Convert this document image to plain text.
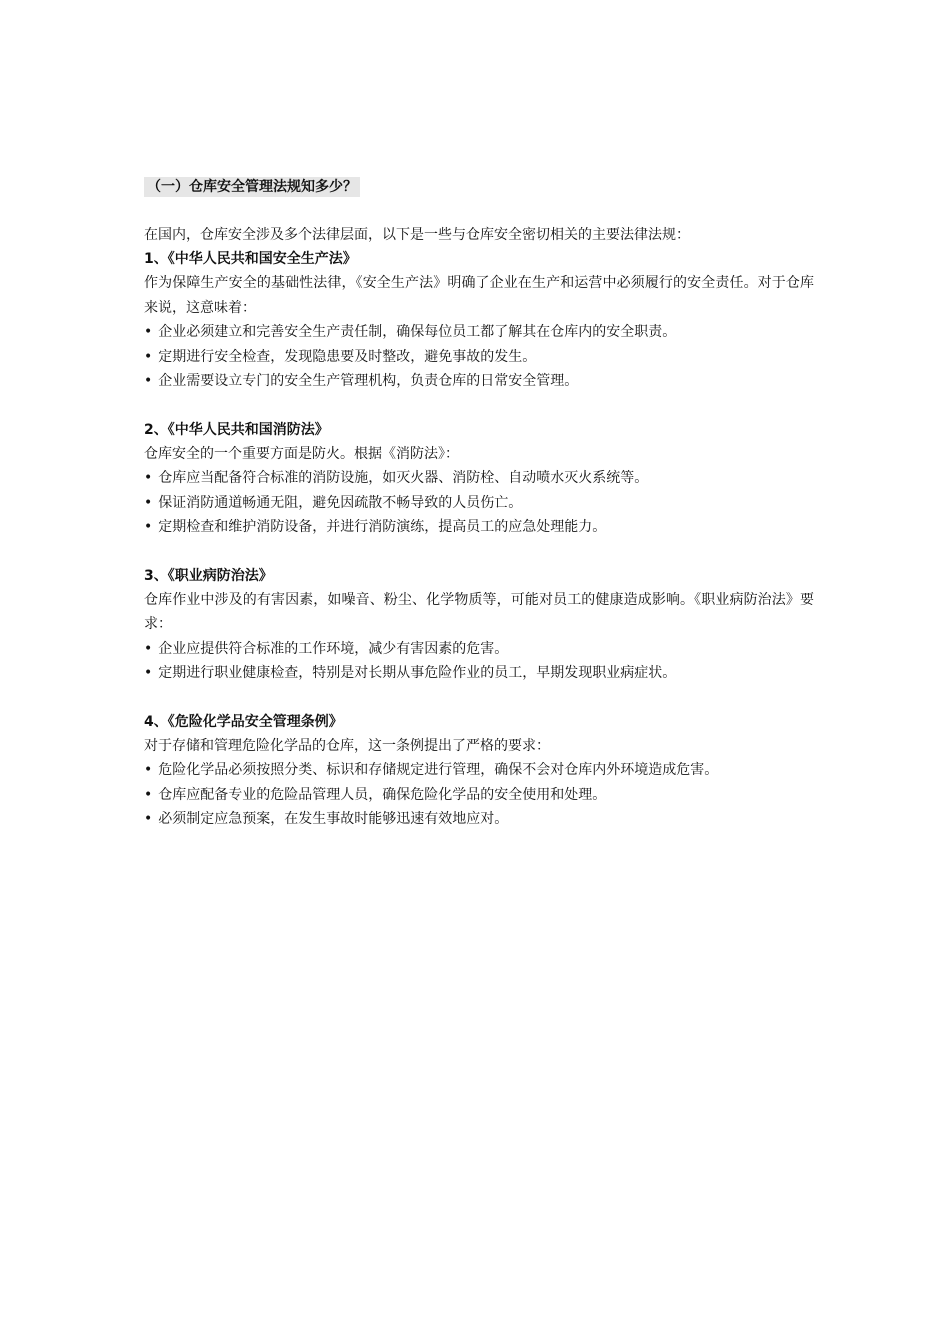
（一）仓库安全管理法规知多少？

在国内，仓库安全涉及多个法律层面，以下是一些与仓库安全密切相关的主要法律法规：

1、《中华人民共和国安全生产法》

作为保障生产安全的基础性法律，《安全生产法》明确了企业在生产和运营中必须履行的安全责任。对于仓库来说，这意味着：

• 企业必须建立和完善安全生产责任制，确保每位员工都了解其在仓库内的安全职责。
• 定期进行安全检查，发现隐患要及时整改，避免事故的发生。
• 企业需要设立专门的安全生产管理机构，负责仓库的日常安全管理。

2、《中华人民共和国消防法》

仓库安全的一个重要方面是防火。根据《消防法》：

• 仓库应当配备符合标准的消防设施，如灭火器、消防栓、自动喷水灭火系统等。
• 保证消防通道畅通无阻，避免因疏散不畅导致的人员伤亡。
• 定期检查和维护消防设备，并进行消防演练，提高员工的应急处理能力。

3、《职业病防治法》

仓库作业中涉及的有害因素，如噪音、粉尘、化学物质等，可能对员工的健康造成影响。《职业病防治法》要求：

• 企业应提供符合标准的工作环境，减少有害因素的危害。
• 定期进行职业健康检查，特别是对长期从事危险作业的员工，早期发现职业病症状。

4、《危险化学品安全管理条例》

对于存储和管理危险化学品的仓库，这一条例提出了严格的要求：

• 危险化学品必须按照分类、标识和存储规定进行管理，确保不会对仓库内外环境造成危害。
• 仓库应配备专业的危险品管理人员，确保危险化学品的安全使用和处理。
• 必须制定应急预案，在发生事故时能够迅速有效地应对。
